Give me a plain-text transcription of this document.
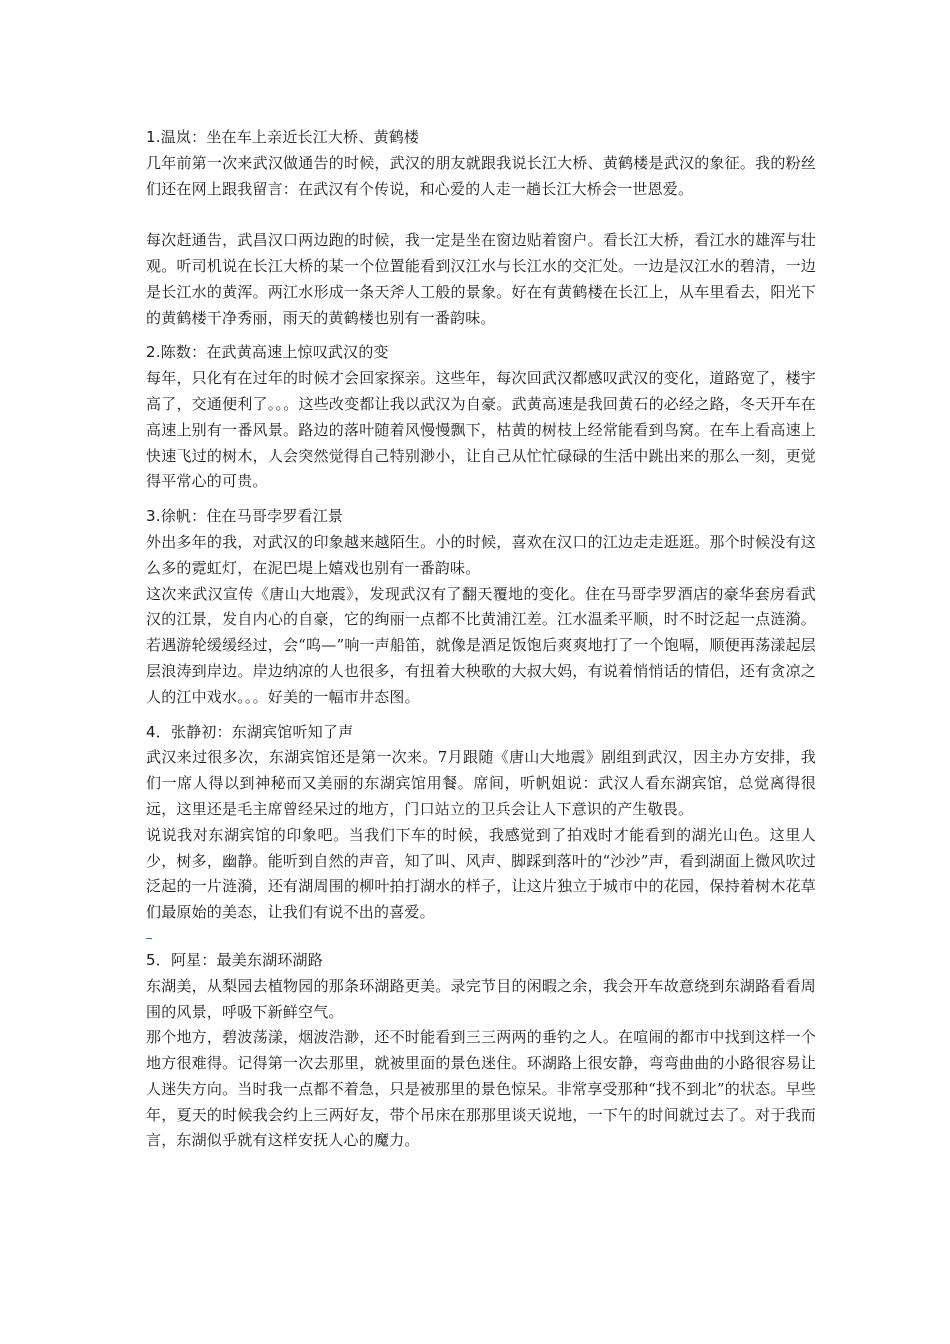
1.温岚：坐在车上亲近长江大桥、黄鹤楼

几年前第一次来武汉做通告的时候，武汉的朋友就跟我说长江大桥、黄鹤楼是武汉的象征。我的粉丝们还在网上跟我留言：在武汉有个传说，和心爱的人走一趟长江大桥会一世恩爱。

每次赶通告，武昌汉口两边跑的时候，我一定是坐在窗边贴着窗户。看长江大桥，看江水的雄浑与壮观。听司机说在长江大桥的某一个位置能看到汉江水与长江水的交汇处。一边是汉江水的碧清，一边是长江水的黄浑。两江水形成一条天斧人工般的景象。好在有黄鹤楼在长江上，从车里看去，阳光下的黄鹤楼干净秀丽，雨天的黄鹤楼也别有一番韵味。

2.陈数：在武黄高速上惊叹武汉的变

每年，只化有在过年的时候才会回家探亲。这些年，每次回武汉都感叹武汉的变化，道路宽了，楼宇高了，交通便利了。。。这些改变都让我以武汉为自豪。武黄高速是我回黄石的必经之路，冬天开车在高速上别有一番风景。路边的落叶随着风慢慢飘下，枯黄的树枝上经常能看到鸟窝。在车上看高速上快速飞过的树木，人会突然觉得自己特别渺小，让自己从忙忙碌碌的生活中跳出来的那么一刻，更觉得平常心的可贵。

3.徐帆：住在马哥孛罗看江景

外出多年的我，对武汉的印象越来越陌生。小的时候，喜欢在汉口的江边走走逛逛。那个时候没有这么多的霓虹灯，在泥巴堤上嬉戏也别有一番韵味。

这次来武汉宣传《唐山大地震》，发现武汉有了翻天覆地的变化。住在马哥孛罗酒店的豪华套房看武汉的江景，发自内心的自豪，它的绚丽一点都不比黄浦江差。江水温柔平顺，时不时泛起一点涟漪。若遇游轮缓缓经过，会“呜—”响一声船笛，就像是酒足饭饱后爽爽地打了一个饱嗝，顺便再荡漾起层层浪涛到岸边。岸边纳凉的人也很多，有扭着大秧歌的大叔大妈，有说着悄悄话的情侣，还有贪凉之人的江中戏水。。。好美的一幅市井态图。

4．张静初：东湖宾馆听知了声

武汉来过很多次，东湖宾馆还是第一次来。7月跟随《唐山大地震》剧组到武汉，因主办方安排，我们一席人得以到神秘而又美丽的东湖宾馆用餐。席间，听帆姐说：武汉人看东湖宾馆，总觉离得很远，这里还是毛主席曾经呆过的地方，门口站立的卫兵会让人下意识的产生敬畏。

说说我对东湖宾馆的印象吧。当我们下车的时候，我感觉到了拍戏时才能看到的湖光山色。这里人少，树多，幽静。能听到自然的声音，知了叫、风声、脚踩到落叶的“沙沙”声，看到湖面上微风吹过泛起的一片涟漪，还有湖周围的柳叶拍打湖水的样子，让这片独立于城市中的花园，保持着树木花草们最原始的美态，让我们有说不出的喜爱。

5．阿星：最美东湖环湖路

东湖美，从梨园去植物园的那条环湖路更美。录完节目的闲暇之余，我会开车故意绕到东湖路看看周围的风景，呼吸下新鲜空气。

那个地方，碧波荡漾，烟波浩渺，还不时能看到三三两两的垂钓之人。在喧闹的都市中找到这样一个地方很难得。记得第一次去那里，就被里面的景色迷住。环湖路上很安静，弯弯曲曲的小路很容易让人迷失方向。当时我一点都不着急，只是被那里的景色惊呆。非常享受那种“找不到北”的状态。早些年，夏天的时候我会约上三两好友，带个吊床在那那里谈天说地，一下午的时间就过去了。对于我而言，东湖似乎就有这样安抚人心的魔力。
